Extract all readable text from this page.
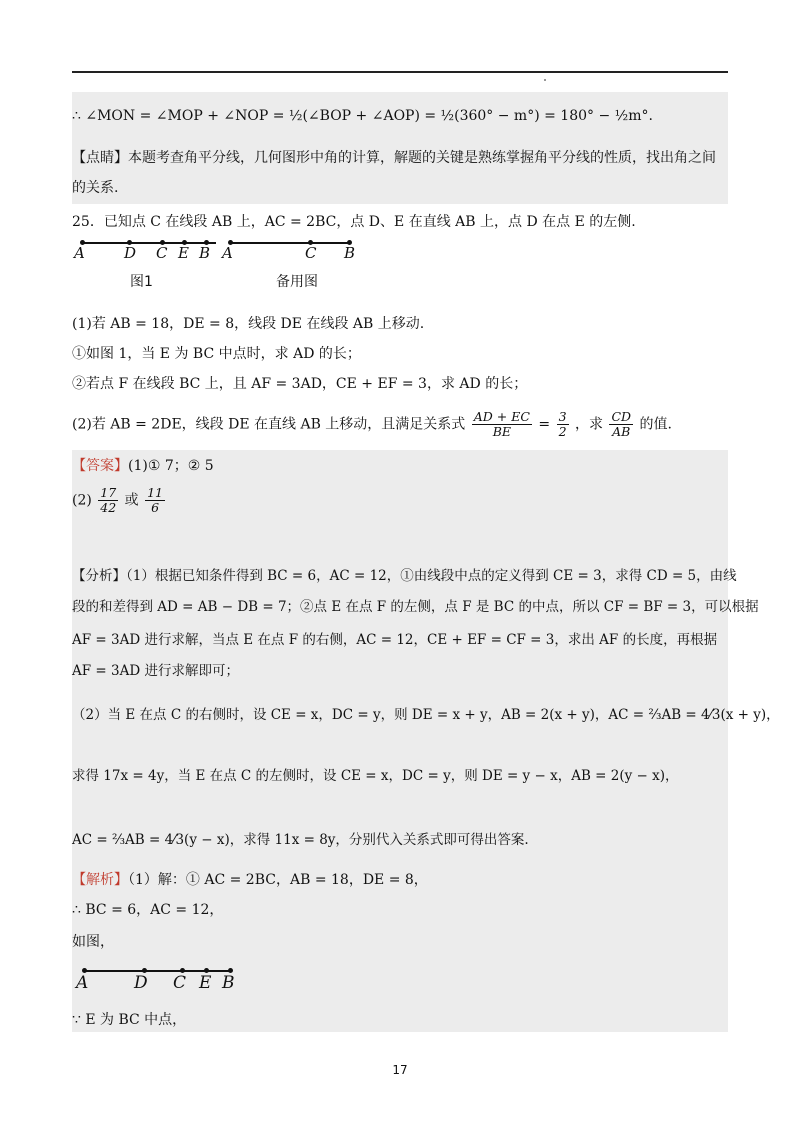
∴ ∠MON = ∠MOP + ∠NOP = ½(∠BOP + ∠AOP) = ½(360° − m°) = 180° − ½m°.
【点睛】本题考查角平分线，几何图形中角的计算，解题的关键是熟练掌握角平分线的性质，找出角之间
的关系.
25．已知点 C 在线段 AB 上，AC = 2BC，点 D、E 在直线 AB 上，点 D 在点 E 的左侧.
A	D C E B
图1
A	C B
备用图
(1)若 AB = 18，DE = 8，线段 DE 在线段 AB 上移动.
①如图 1，当 E 为 BC 中点时，求 AD 的长；
②若点 F 在线段 BC 上，且 AF = 3AD，CE + EF = 3，求 AD 的长；
(2)若 AB = 2DE，线段 DE 在直线 AB 上移动，且满足关系式 $\frac{AD + EC}{BE} = \frac{3}{2}$ ，求 $\frac{CD}{AB}$ 的值.
【答案】(1)① 7；② 5
$(2) \frac{17}{42}$ 或 $\frac{11}{6}$
【分析】（1）根据已知条件得到 BC = 6，AC = 12，①由线段中点的定义得到 CE = 3，求得 CD = 5，由线
段的和差得到 AD = AB − DB = 7；②点 E 在点 F 的左侧，点 F 是 BC 的中点，所以 CF = BF = 3，可以根据
AF = 3AD 进行求解，当点 E 在点 F 的右侧，AC = 12，CE + EF = CF = 3，求出 AF 的长度，再根据
AF = 3AD 进行求解即可；
（2）当 E 在点 C 的右侧时，设 CE = x，DC = y，则 DE = x + y，AB = 2(x + y)，AC = ⅔AB = 4⁄3(x + y)，
求得 17x = 4y，当 E 在点 C 的左侧时，设 CE = x，DC = y，则 DE = y − x，AB = 2(y − x)，
AC = ⅔AB = 4⁄3(y − x)，求得 11x = 8y，分别代入关系式即可得出答案.
【解析】（1）解：① AC = 2BC，AB = 18，DE = 8，
∴ BC = 6，AC = 12，
如图，
A	D C E B
∵ E 为 BC 中点，
17
